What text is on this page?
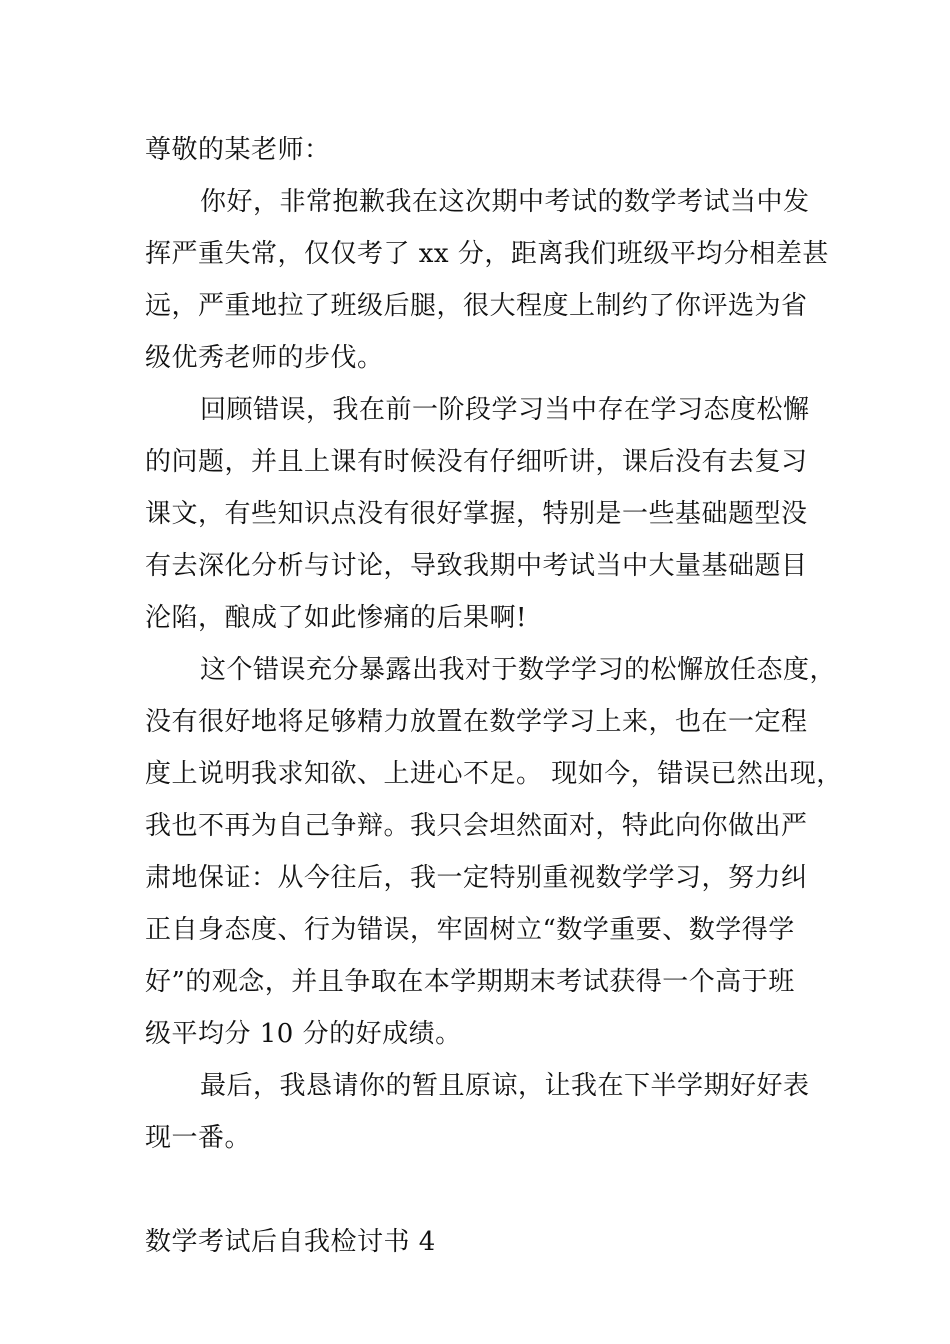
尊敬的某老师：
你好，非常抱歉我在这次期中考试的数学考试当中发
挥严重失常，仅仅考了 xx 分，距离我们班级平均分相差甚
远，严重地拉了班级后腿，很大程度上制约了你评选为省
级优秀老师的步伐。
回顾错误，我在前一阶段学习当中存在学习态度松懈
的问题，并且上课有时候没有仔细听讲，课后没有去复习
课文，有些知识点没有很好掌握，特别是一些基础题型没
有去深化分析与讨论，导致我期中考试当中大量基础题目
沦陷，酿成了如此惨痛的后果啊!
这个错误充分暴露出我对于数学学习的松懈放任态度，
没有很好地将足够精力放置在数学学习上来，也在一定程
度上说明我求知欲、上进心不足。 现如今，错误已然出现，
我也不再为自己争辩。我只会坦然面对，特此向你做出严
肃地保证：从今往后，我一定特别重视数学学习，努力纠
正自身态度、行为错误，牢固树立“数学重要、数学得学
好”的观念，并且争取在本学期期末考试获得一个高于班
级平均分 10 分的好成绩。
最后，我恳请你的暂且原谅，让我在下半学期好好表
现一番。
数学考试后自我检讨书 4
